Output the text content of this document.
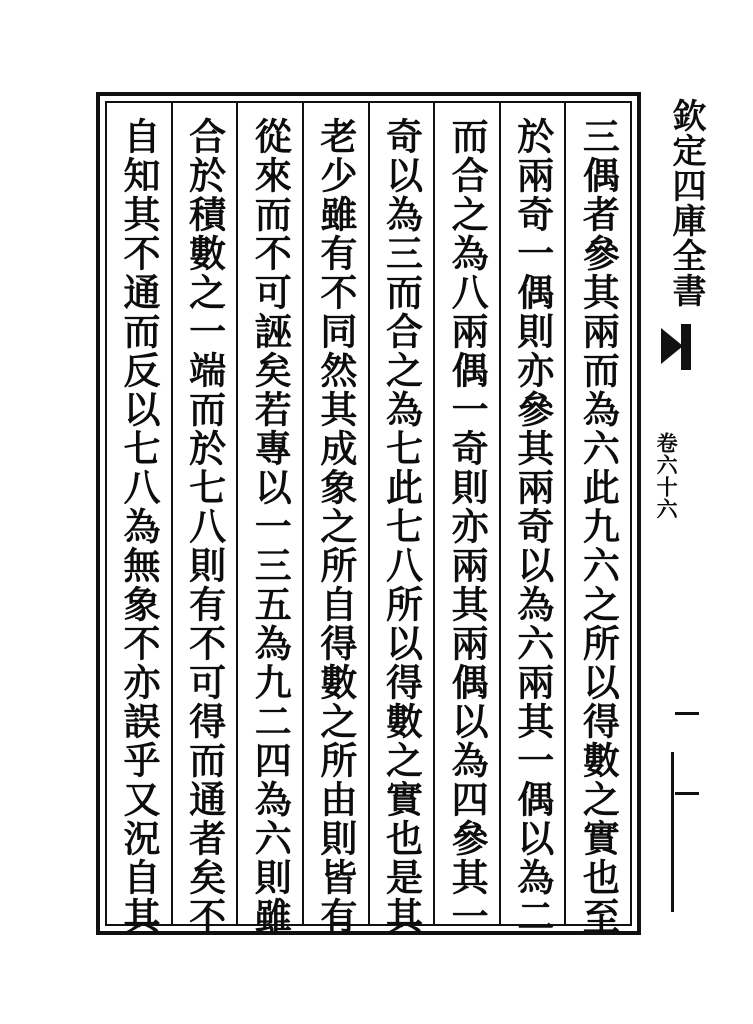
三偶者參其兩而為六此九六之所以得數之實也至
於兩奇一偶則亦參其兩奇以為六兩其一偶以為二
而合之為八兩偶一奇則亦兩其兩偶以為四參其一
奇以為三而合之為七此七八所以得數之實也是其
老少雖有不同然其成象之所自得數之所由則皆有
從來而不可誣矣若專以一三五為九二四為六則雖
合於積數之一端而於七八則有不可得而通者矣不
自知其不通而反以七八為無象不亦誤乎又況自其	欽定四庫全書
卷六十六
